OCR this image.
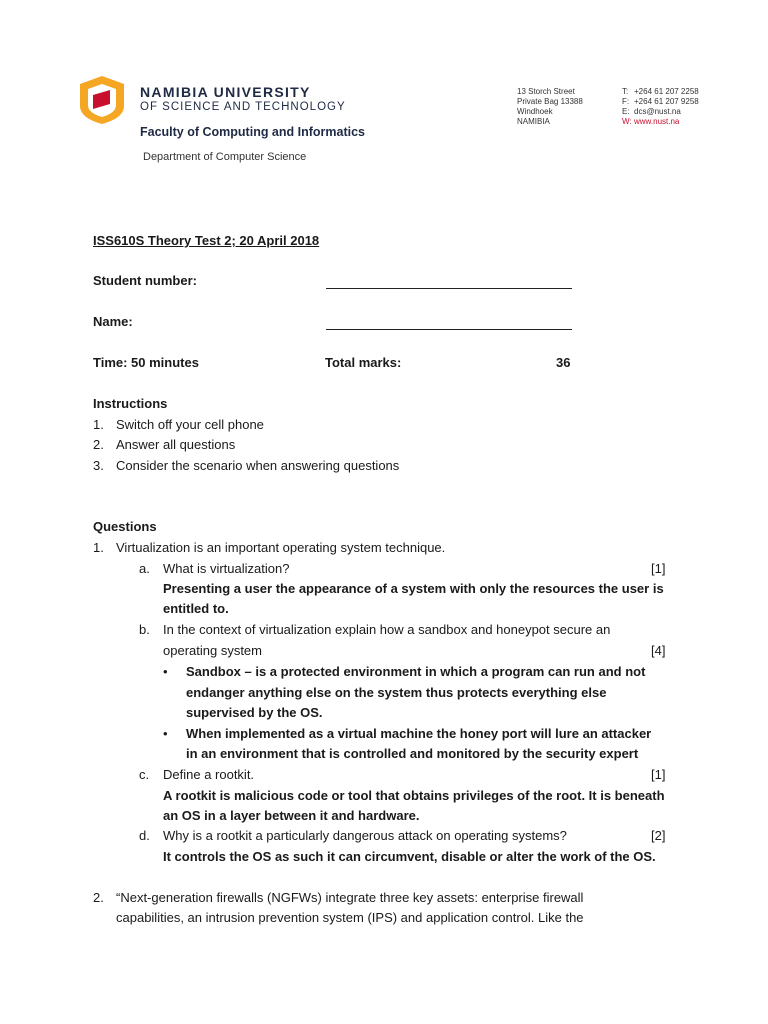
NAMIBIA UNIVERSITY
OF SCIENCE AND TECHNOLOGY
Faculty of Computing and Informatics
Department of Computer Science
13 Storch Street
Private Bag 13388
Windhoek
NAMIBIA
T: +264 61 207 2258
F: +264 61 207 9258
E: dcs@nust.na
W: www.nust.na
ISS610S Theory Test 2; 20 April 2018
Student number:
Name:
Time: 50 minutes	Total marks:	36
Instructions
1. Switch off your cell phone
2. Answer all questions
3. Consider the scenario when answering questions
Questions
1. Virtualization is an important operating system technique.
a. What is virtualization?	[1]
Presenting a user the appearance of a system with only the resources the user is
entitled to.
b. In the context of virtualization explain how a sandbox and honeypot secure an
operating system	[4]
• Sandbox – is a protected environment in which a program can run and not
endanger anything else on the system thus protects everything else
supervised by the OS.
• When implemented as a virtual machine the honey port will lure an attacker
in an environment that is controlled and monitored by the security expert
c. Define a rootkit.	[1]
A rootkit is malicious code or tool that obtains privileges of the root. It is beneath
an OS in a layer between it and hardware.
d. Why is a rootkit a particularly dangerous attack on operating systems?	[2]
It controls the OS as such it can circumvent, disable or alter the work of the OS.
2. “Next-generation firewalls (NGFWs) integrate three key assets: enterprise firewall
capabilities, an intrusion prevention system (IPS) and application control. Like the
